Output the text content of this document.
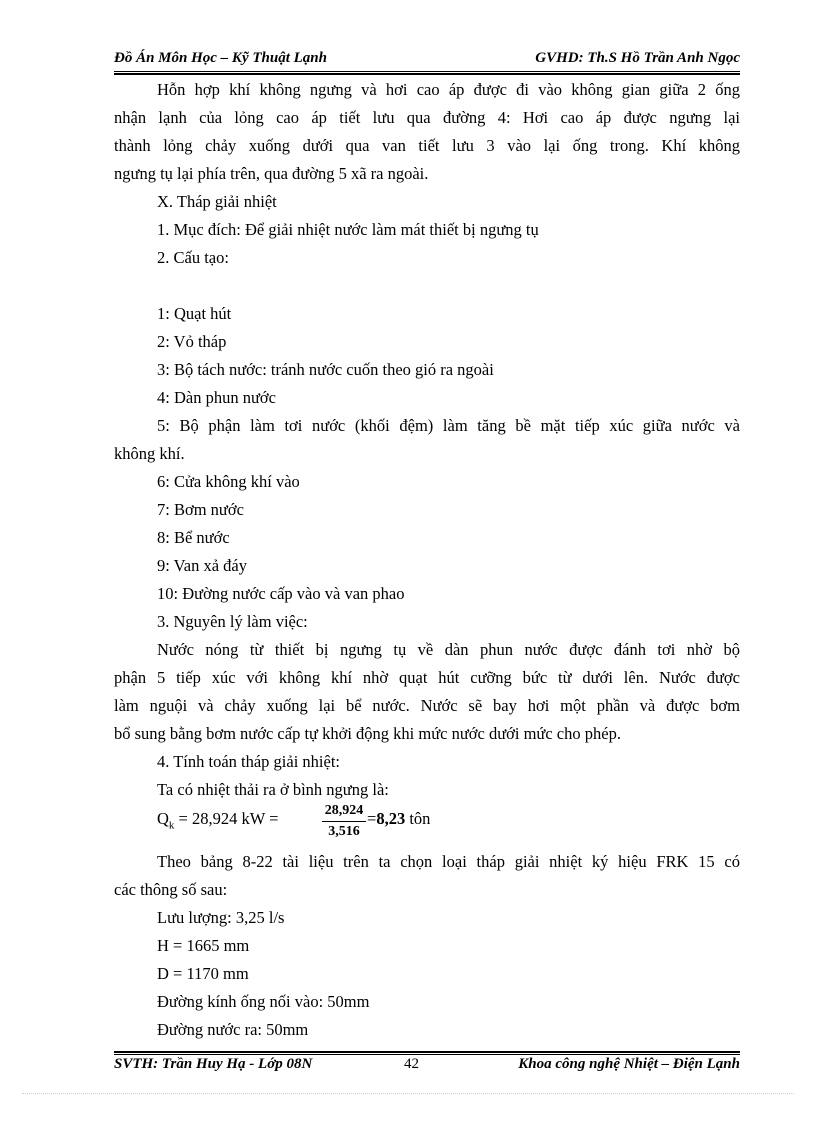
Đồ Án Môn Học – Kỹ Thuật Lạnh	GVHD: Th.S Hồ Trần Anh Ngọc
Hỗn hợp khí không ngưng và hơi cao áp được đi vào không gian giữa 2 ống
nhận lạnh của lỏng cao áp tiết lưu qua đường 4: Hơi cao áp được ngưng lại
thành lỏng chảy xuống dưới qua van tiết lưu 3 vào lại ống trong. Khí không
ngưng tụ lại phía trên, qua đường 5 xã ra ngoài.
X. Tháp giải nhiệt
1. Mục đích: Để giải nhiệt nước làm mát thiết bị ngưng tụ
2. Cấu tạo:
1: Quạt hút
2: Vỏ tháp
3: Bộ tách nước: tránh nước cuốn theo gió ra ngoài
4: Dàn phun nước
5: Bộ phận làm tơi nước (khối đệm) làm tăng bề mặt tiếp xúc giữa nước và
không khí.
6: Cửa không khí vào
7: Bơm nước
8: Bể nước
9: Van xả đáy
10: Đường nước cấp vào và van phao
3. Nguyên lý làm việc:
Nước nóng từ thiết bị ngưng tụ về dàn phun nước được đánh tơi nhờ bộ
phận 5 tiếp xúc với không khí nhờ quạt hút cưỡng bức từ dưới lên. Nước được
làm nguội và chảy xuống lại bể nước. Nước sẽ bay hơi một phần và được bơm
bổ sung bằng bơm nước cấp tự khởi động khi mức nước dưới mức cho phép.
4. Tính toán tháp giải nhiệt:
Ta có nhiệt thải ra ở bình ngưng là:
$Q_k = 28,924$ kW =	$\frac{28,924}{3,516} =8,23$ tôn
Theo bảng 8-22 tài liệu trên ta chọn loại tháp giải nhiệt ký hiệu FRK 15 có
các thông số sau:
Lưu lượng: 3,25 l/s
H = 1665 mm
D = 1170 mm
Đường kính ống nối vào: 50mm
Đường nước ra: 50mm
SVTH: Trần Huy Hạ - Lớp 08N	42	Khoa công nghệ Nhiệt – Điện Lạnh
